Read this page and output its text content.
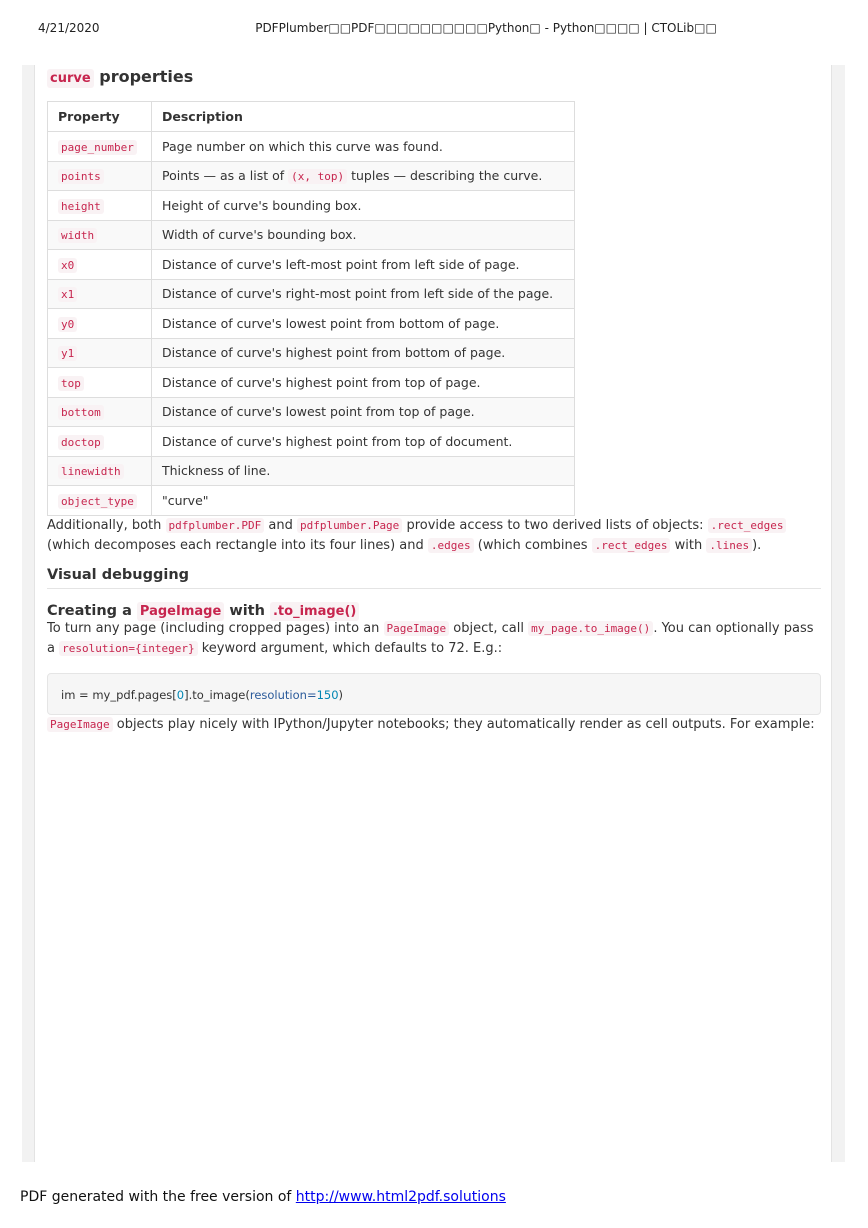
4/21/2020	PDFPlumber□□PDF□□□□□□□□□□Python□ - Python□□□□ | CTOLib□□
curve properties
Property	Description
page_number	Page number on which this curve was found.
points	Points — as a list of (x, top) tuples — describing the curve.
height	Height of curve's bounding box.
width	Width of curve's bounding box.
x0	Distance of curve's left-most point from left side of page.
x1	Distance of curve's right-most point from left side of the page.
y0	Distance of curve's lowest point from bottom of page.
y1	Distance of curve's highest point from bottom of page.
top	Distance of curve's highest point from top of page.
bottom	Distance of curve's lowest point from top of page.
doctop	Distance of curve's highest point from top of document.
linewidth	Thickness of line.
object_type	"curve"

Additionally, both pdfplumber.PDF and pdfplumber.Page provide access to two derived lists of objects: .rect_edges (which decomposes each rectangle into its four lines) and .edges (which combines .rect_edges with .lines ).

Visual debugging
Creating a PageImage with .to_image()

To turn any page (including cropped pages) into an PageImage object, call my_page.to_image() . You can optionally pass a resolution={integer} keyword argument, which defaults to 72. E.g.:

im = my_pdf.pages[0].to_image(resolution=150)

PageImage objects play nicely with IPython/Jupyter notebooks; they automatically render as cell outputs. For example:

PDF generated with the free version of http://www.html2pdf.solutions
